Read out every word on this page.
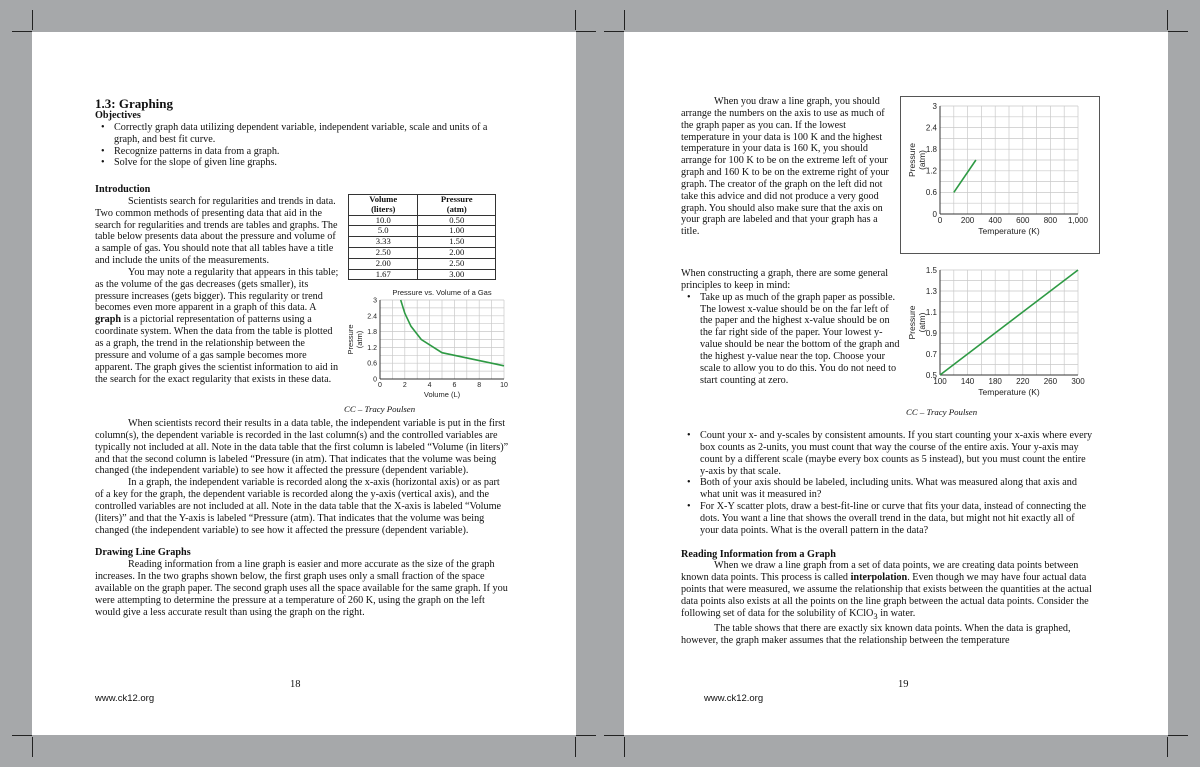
1.3: Graphing

Objectives

• Correctly graph data utilizing dependent variable, independent variable, scale and units of a graph, and best fit curve.
• Recognize patterns in data from a graph.
• Solve for the slope of given line graphs.

Introduction

Scientists search for regularities and trends in data. Two common methods of presenting data that aid in the search for regularities and trends are tables and graphs. The table below presents data about the pressure and volume of a sample of gas. You should note that all tables have a title and include the units of the measurements.

You may note a regularity that appears in this table; as the volume of the gas decreases (gets smaller), its pressure increases (gets bigger). This regularity or trend becomes even more apparent in a graph of this data. A graph is a pictorial representation of patterns using a coordinate system. When the data from the table is plotted as a graph, the trend in the relationship between the pressure and volume of a gas sample becomes more apparent. The graph gives the scientist information to aid in the search for the exact regularity that exists in these data.

Volume
(liters)	Pressure
(atm)
10.0	0.50
5.0	1.00
3.33	1.50
2.50	2.00
2.00	2.50
1.67	3.00
0	2	4	6	8	10
0
0.6
1.2
1.8
2.4
3
Pressure vs. Volume of a Gas
Volume (L)
Pressure (atm)
CC – Tracy Poulsen

When scientists record their results in a data table, the independent variable is put in the first column(s), the dependent variable is recorded in the last column(s) and the controlled variables are typically not included at all. Note in the data table that the first column is labeled “Volume (in liters)” and that the second column is labeled “Pressure (in atm). That indicates that the volume was being changed (the independent variable) to see how it affected the pressure (dependent variable).

In a graph, the independent variable is recorded along the x-axis (horizontal axis) or as part of a key for the graph, the dependent variable is recorded along the y-axis (vertical axis), and the controlled variables are not included at all. Note in the data table that the X-axis is labeled “Volume (liters)” and that the Y-axis is labeled “Pressure (atm). That indicates that the volume was being changed (the independent variable) to see how it affected the pressure (dependent variable).

Drawing Line Graphs

Reading information from a line graph is easier and more accurate as the size of the graph increases. In the two graphs shown below, the first graph uses only a small fraction of the space available on the graph paper. The second graph uses all the space available for the same graph. If you were attempting to determine the pressure at a temperature of 260 K, using the graph on the left would give a less accurate result than using the graph on the right.

18
www.ck12.org

When you draw a line graph, you should arrange the numbers on the axis to use as much of the graph paper as you can. If the lowest temperature in your data is 100 K and the highest temperature in your data is 160 K, you should arrange for 100 K to be on the extreme left of your graph and 160 K to be on the extreme right of your graph. The creator of the graph on the left did not take this advice and did not produce a very good graph. You should also make sure that the axis on your graph are labeled and that your graph has a title.

0 200 400 600 800 1,000
0
0.6
1.2
1.8
2.4
3
Temperature (K)
Pressure (atm)
100 140 180 220 260 300
0.5
0.7
0.9
1.1
1.3
1.5
Temperature (K)
Pressure (atm)
CC – Tracy Poulsen

When constructing a graph, there are some general principles to keep in mind:

• Take up as much of the graph paper as possible. The lowest x-value should be on the far left of the paper and the highest x-value should be on the far right side of the paper. Your lowest y-value should be near the bottom of the graph and the highest y-value near the top. Choose your scale to allow you to do this. You do not need to start counting at zero.
• Count your x- and y-scales by consistent amounts. If you start counting your x-axis where every box counts as 2-units, you must count that way the course of the entire axis. Your y-axis may count by a different scale (maybe every box counts as 5 instead), but you must count the entire y-axis by that scale.
• Both of your axis should be labeled, including units. What was measured along that axis and what unit was it measured in?
• For X-Y scatter plots, draw a best-fit-line or curve that fits your data, instead of connecting the dots. You want a line that shows the overall trend in the data, but might not hit exactly all of your data points. What is the overall pattern in the data?

Reading Information from a Graph

When we draw a line graph from a set of data points, we are creating data points between known data points. This process is called interpolation. Even though we may have four actual data points that were measured, we assume the relationship that exists between the quantities at the actual data points also exists at all the points on the line graph between the actual data points. Consider the following set of data for the solubility of KClO$_3$ in water.

The table shows that there are exactly six known data points. When the data is graphed, however, the graph maker assumes that the relationship between the temperature

19
www.ck12.org
